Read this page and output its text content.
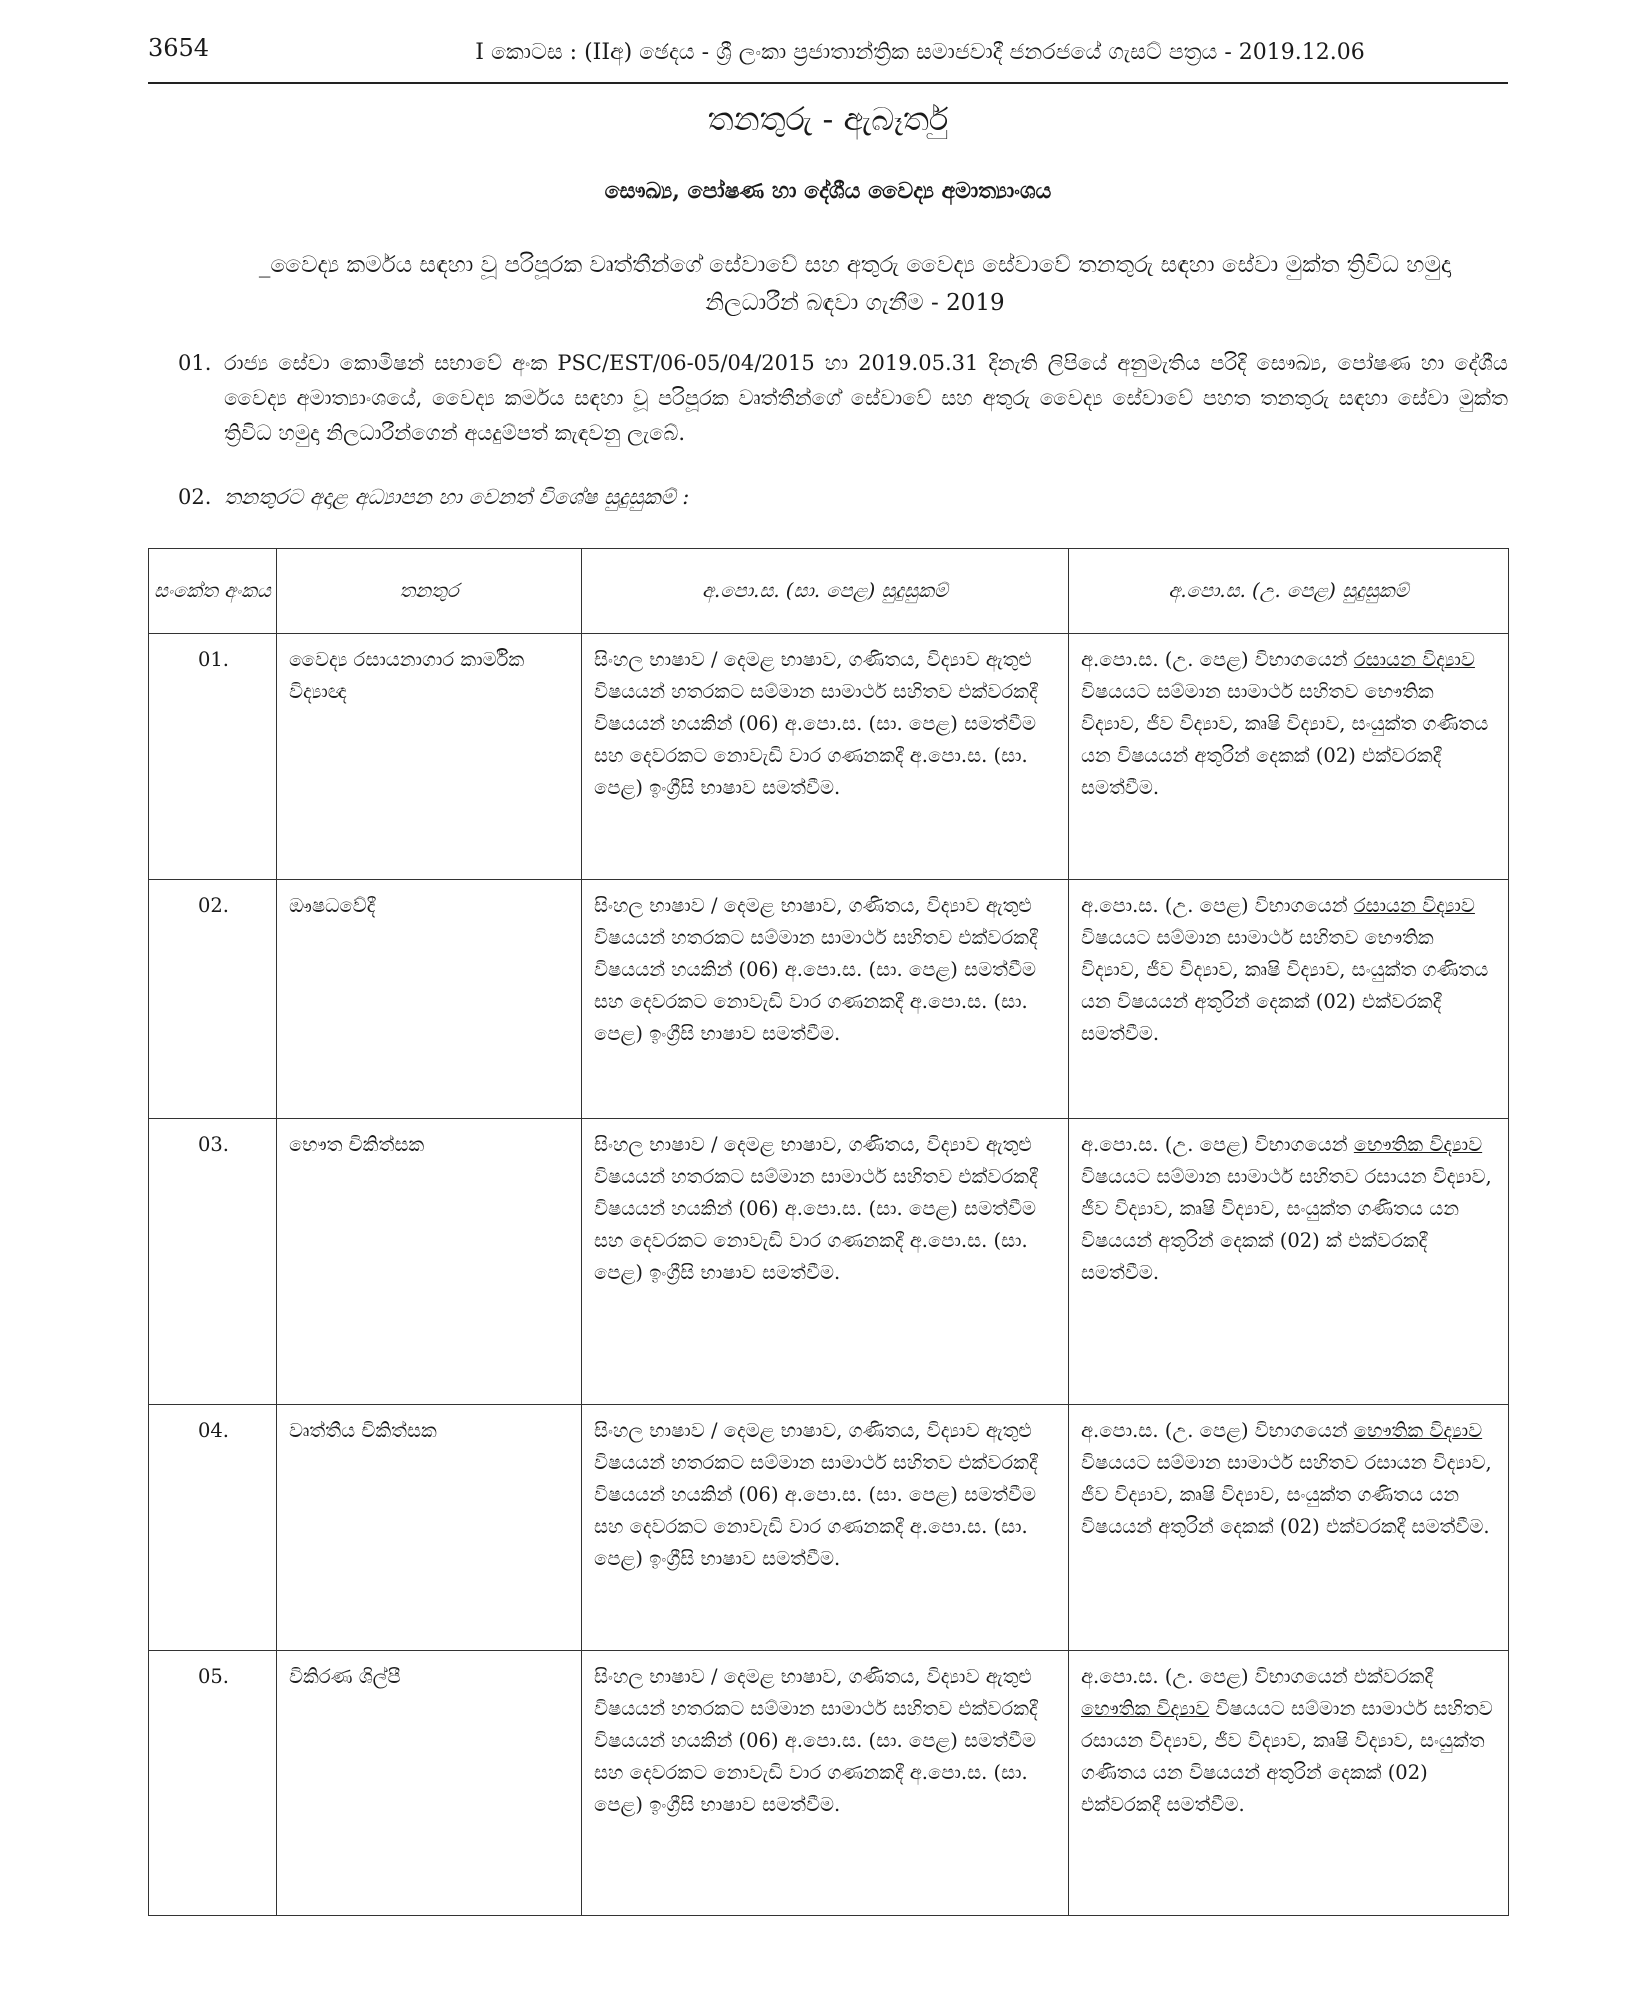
3654	I කොටස : (IIඅ) ඡෙදය - ශ්‍රී ලංකා ප්‍රජාතාන්ත්‍රික සමාජවාදී ජනරජයේ ගැසට් පත්‍රය - 2019.12.06
තනතුරු - ඇබෑර්තු
සෞඛ්‍ය, පෝෂණ හා දේශීය වෛද්‍ය අමාත්‍යාංශය
_වෛද්‍ය කර්මය සඳහා වූ පරිපූරක වෘත්තීන්ගේ සේවාවේ සහ අතුරු වෛද්‍ය සේවාවේ තනතුරු සඳහා සේවා මුක්ත ත්‍රිවිධ හමුදා නිලධාරීන් බඳවා ගැනීම - 2019
01. රාජ්‍ය සේවා කොමිෂන් සභාවේ අංක PSC/EST/06-05/04/2015 හා 2019.05.31 දිනැති ලිපියේ අනුමැතිය පරිදි සෞඛ්‍ය, පෝෂණ හා දේශීය වෛද්‍ය අමාත්‍යාංශයේ, වෛද්‍ය කර්මය සඳහා වූ පරිපූරක වෘත්තීන්ගේ සේවාවේ සහ අතුරු වෛද්‍ය සේවාවේ පහත තනතුරු සඳහා සේවා මුක්ත ත්‍රිවිධ හමුදා නිලධාරීන්ගෙන් අයදුම්පත් කැඳවනු ලැබේ.
02. තනතුරට අදාළ අධ්‍යාපන හා වෙනත් විශේෂ සුදුසුකම් :
සංකේත අංකය	තනතුර	අ.පො.ස. (සා. පෙළ) සුදුසුකම්	අ.පො.ස. (උ. පෙළ) සුදුසුකම්
01.	වෛද්‍ය රසායනාගාර කාර්මික විද්‍යාඥ	සිංහල භාෂාව / දෙමළ භාෂාව, ගණිතය, විද්‍යාව ඇතුළු විෂයයන් හතරකට සම්මාන සාමාර්ථ සහිතව එක්වරකදී විෂයයන් හයකින් (06) අ.පො.ස. (සා. පෙළ) සමත්වීම සහ දෙවරකට නොවැඩි වාර ගණනකදී අ.පො.ස. (සා. පෙළ) ඉංග්‍රීසි භාෂාව සමත්වීම.	අ.පො.ස. (උ. පෙළ) විභාගයෙන් රසායන විද්‍යාව විෂයයට සම්මාන සාමාර්ථ සහිතව භෞතික විද්‍යාව, ජීව විද්‍යාව, කෘෂි විද්‍යාව, සංයුක්ත ගණිතය යන විෂයයන් අතුරින් දෙකක් (02) එක්වරකදී සමත්වීම.
02.	ඖෂධවේදී	සිංහල භාෂාව / දෙමළ භාෂාව, ගණිතය, විද්‍යාව ඇතුළු විෂයයන් හතරකට සම්මාන සාමාර්ථ සහිතව එක්වරකදී විෂයයන් හයකින් (06) අ.පො.ස. (සා. පෙළ) සමත්වීම සහ දෙවරකට නොවැඩි වාර ගණනකදී අ.පො.ස. (සා. පෙළ) ඉංග්‍රීසි භාෂාව සමත්වීම.	අ.පො.ස. (උ. පෙළ) විභාගයෙන් රසායන විද්‍යාව විෂයයට සම්මාන සාමාර්ථ සහිතව භෞතික විද්‍යාව, ජීව විද්‍යාව, කෘෂි විද්‍යාව, සංයුක්ත ගණිතය යන විෂයයන් අතුරින් දෙකක් (02) එක්වරකදී සමත්වීම.
03.	භෞත චිකිත්සක	සිංහල භාෂාව / දෙමළ භාෂාව, ගණිතය, විද්‍යාව ඇතුළු විෂයයන් හතරකට සම්මාන සාමාර්ථ සහිතව එක්වරකදී විෂයයන් හයකින් (06) අ.පො.ස. (සා. පෙළ) සමත්වීම සහ දෙවරකට නොවැඩි වාර ගණනකදී අ.පො.ස. (සා. පෙළ) ඉංග්‍රීසි භාෂාව සමත්වීම.	අ.පො.ස. (උ. පෙළ) විභාගයෙන් භෞතික විද්‍යාව විෂයයට සම්මාන සාමාර්ථ සහිතව රසායන විද්‍යාව, ජීව විද්‍යාව, කෘෂි විද්‍යාව, සංයුක්ත ගණිතය යන විෂයයන් අතුරින් දෙකක් (02) ක් එක්වරකදී සමත්වීම.
04.	වෘත්තීය චිකිත්සක	සිංහල භාෂාව / දෙමළ භාෂාව, ගණිතය, විද්‍යාව ඇතුළු විෂයයන් හතරකට සම්මාන සාමාර්ථ සහිතව එක්වරකදී විෂයයන් හයකින් (06) අ.පො.ස. (සා. පෙළ) සමත්වීම සහ දෙවරකට නොවැඩි වාර ගණනකදී අ.පො.ස. (සා. පෙළ) ඉංග්‍රීසි භාෂාව සමත්වීම.	අ.පො.ස. (උ. පෙළ) විභාගයෙන් භෞතික විද්‍යාව විෂයයට සම්මාන සාමාර්ථ සහිතව රසායන විද්‍යාව, ජීව විද්‍යාව, කෘෂි විද්‍යාව, සංයුක්ත ගණිතය යන විෂයයන් අතුරින් දෙකක් (02) එක්වරකදී සමත්වීම.
05.	විකිරණ ශිල්පී	සිංහල භාෂාව / දෙමළ භාෂාව, ගණිතය, විද්‍යාව ඇතුළු විෂයයන් හතරකට සම්මාන සාමාර්ථ සහිතව එක්වරකදී විෂයයන් හයකින් (06) අ.පො.ස. (සා. පෙළ) සමත්වීම සහ දෙවරකට නොවැඩි වාර ගණනකදී අ.පො.ස. (සා. පෙළ) ඉංග්‍රීසි භාෂාව සමත්වීම.	අ.පො.ස. (උ. පෙළ) විභාගයෙන් එක්වරකදී භෞතික විද්‍යාව විෂයයට සම්මාන සාමාර්ථ සහිතව රසායන විද්‍යාව, ජීව විද්‍යාව, කෘෂි විද්‍යාව, සංයුක්ත ගණිතය යන විෂයයන් අතුරින් දෙකක් (02) එක්වරකදී සමත්වීම.
